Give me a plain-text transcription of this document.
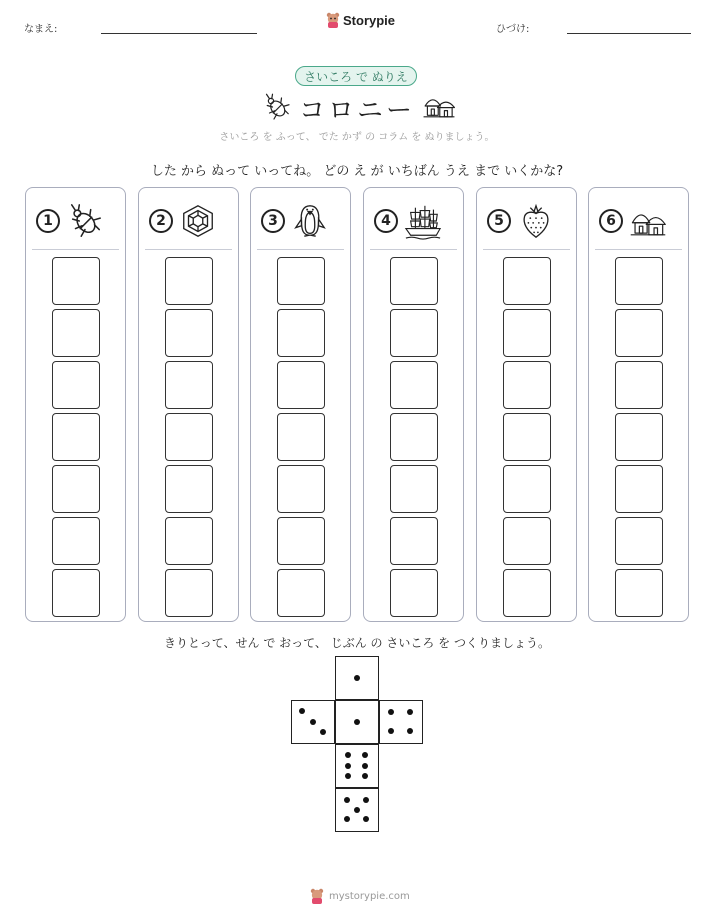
なまえ:
Storypie
ひづけ:
さいころ で ぬりえ
コロニー
さいころ を ふって、 でた かず の コラム を ぬりましょう。
した から ぬって いってね。 どの え が いちばん うえ まで いくかな?
1	2	3	4	5	6
きりとって、せん で おって、 じぶん の さいころ を つくりましょう。
mystorypie.com
